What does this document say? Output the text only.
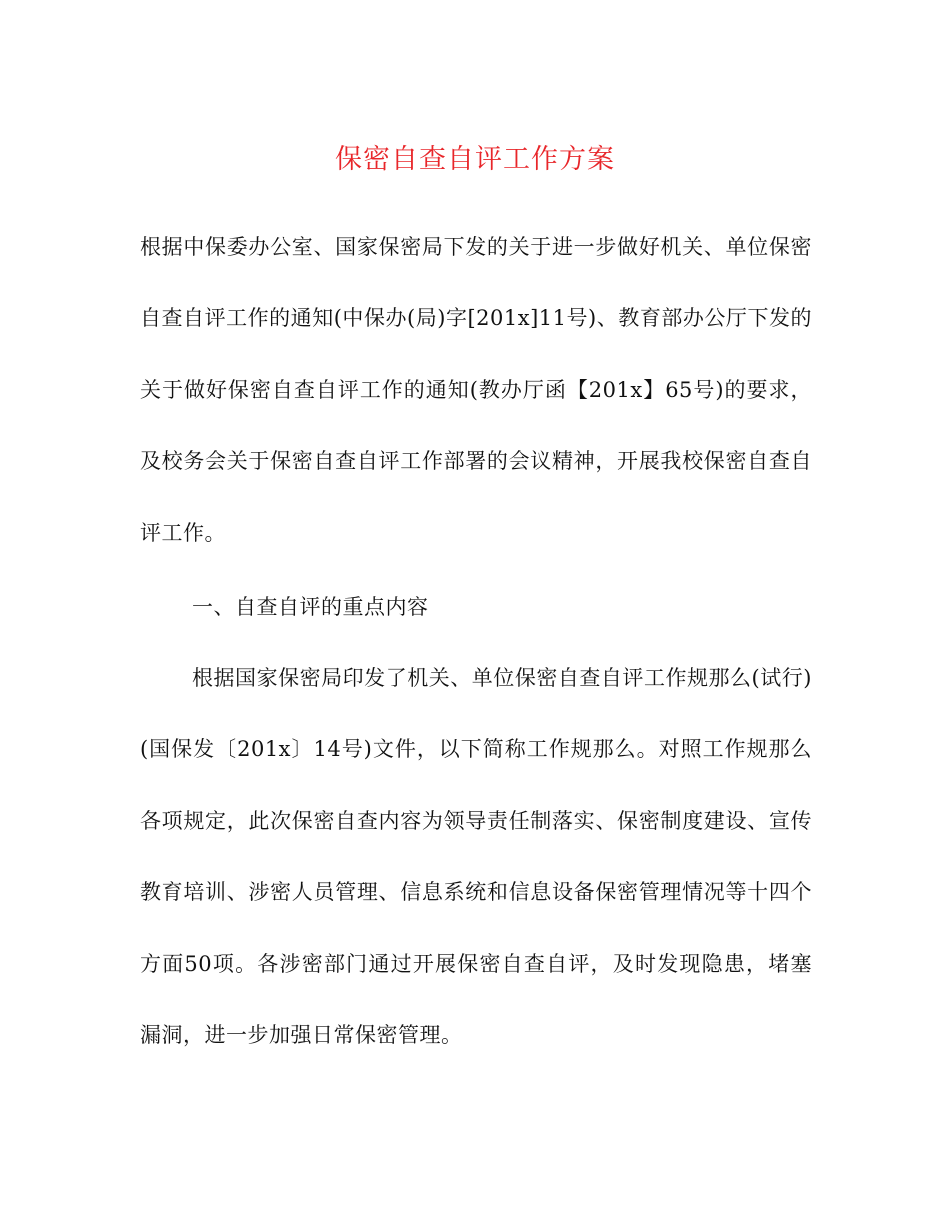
保密自查自评工作方案

根据中保委办公室、国家保密局下发的关于进一步做好机关、单位保密自查自评工作的通知(中保办(局)字[201x]11号)、教育部办公厅下发的关于做好保密自查自评工作的通知(教办厅函【201x】65号)的要求，及校务会关于保密自查自评工作部署的会议精神，开展我校保密自查自评工作。

一、自查自评的重点内容

根据国家保密局印发了机关、单位保密自查自评工作规那么(试行)(国保发〔201x〕14号)文件，以下简称工作规那么。对照工作规那么各项规定，此次保密自查内容为领导责任制落实、保密制度建设、宣传教育培训、涉密人员管理、信息系统和信息设备保密管理情况等十四个方面50项。各涉密部门通过开展保密自查自评，及时发现隐患，堵塞漏洞，进一步加强日常保密管理。
